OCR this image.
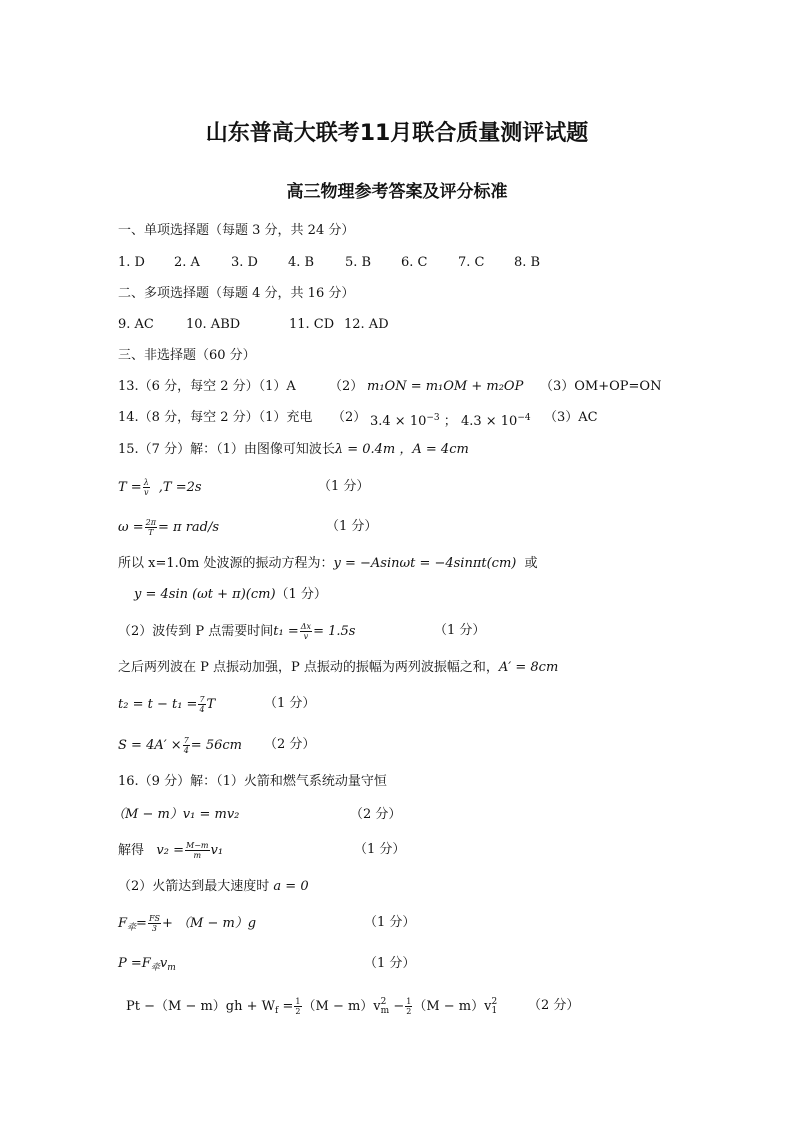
山东普高大联考11月联合质量测评试题
高三物理参考答案及评分标准
一、单项选择题（每题 3 分，共 24 分）
1. D 2. A 3. D 4. B 5. B 6. C 7. C 8. B
二、多项选择题（每题 4 分，共 16 分）
9. AC 10. ABD	11. CD 12. AD
三、非选择题（60 分）
13.（6 分，每空 2 分）（1）A	（2） m₁ON = m₁OM + m₂OP （3）OM+OP=ON
14.（8 分，每空 2 分）（1）充电 （2） $3.4 \times 10^{-3}$ ； $4.3 \times 10^{-4}$ （3）AC
15.（7 分）解：（1）由图像可知波长λ = 0.4m ，A = 4cm
$T = \frac{\lambda}{v} ,T =2s$	（1 分）
$\omega = \frac{2\pi}{T} = \pi$ rad/s	（1 分）
所以 x=1.0m 处波源的振动方程为：y = −Asinωt = −4sinπt(cm) 或
y = 4sin (ωt + π)(cm)（1 分）
（2）波传到 P 点需要时间$t_1 = \frac{\Delta x}{v} = 1.5s$	（1 分）
之后两列波在 P 点振动加强，P 点振动的振幅为两列波振幅之和，A′ = 8cm
$t_2 = t - t_1 = \frac{7}{4}$ T	（1 分）
$S = 4A' \times \frac{7}{4} = 56cm$ （2 分）
16.（9 分）解：（1）火箭和燃气系统动量守恒
（M − m）v₁ = mv₂	（2 分）
解得 $v_2 = \frac{M-m}{m} v_1$	（1 分）
（2）火箭达到最大速度时 a = 0
$F_牵= \frac{FS}{3} + (M - m)g$	（1 分）
$P =F_牵v_m$	（1 分）
$Pt -(M - m)gh + W_f = \frac{1}{2} (M - m)v$ 2
$m - \frac{1}{2} (M - m)v$ 2
1 （2 分）
